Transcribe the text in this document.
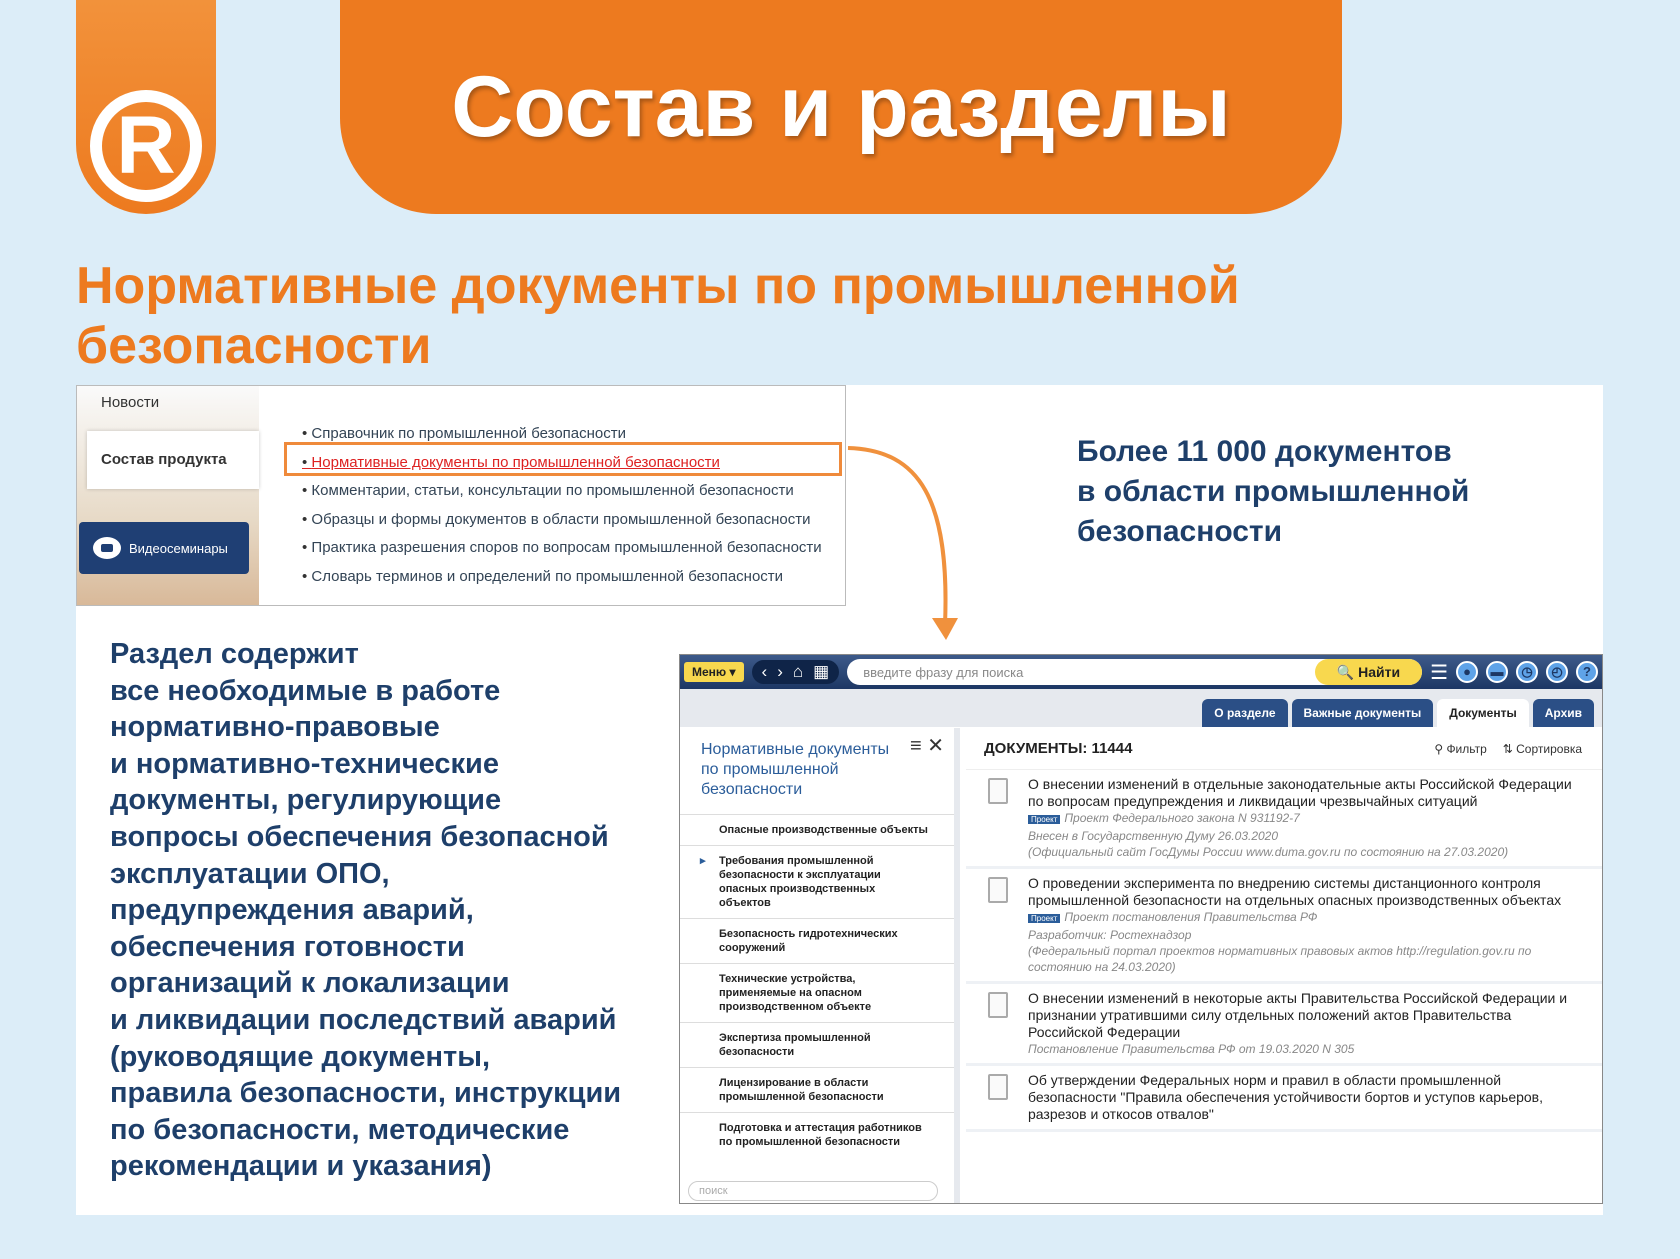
R	Состав и разделы
Нормативные документы по промышленной безопасности
Новости
Состав продукта
Видеосеминары
• Справочник по промышленной безопасности
• Нормативные документы по промышленной безопасности
• Комментарии, статьи, консультации по промышленной безопасности
• Образцы и формы документов в области промышленной безопасности
• Практика разрешения споров по вопросам промышленной безопасности
• Словарь терминов и определений по промышленной безопасности
Более 11 000 документов
в области промышленной
безопасности
Раздел содержит
все необходимые в работе
нормативно-правовые
и нормативно-технические
документы, регулирующие
вопросы обеспечения безопасной
эксплуатации ОПО,
предупреждения аварий,
обеспечения готовности
организаций к локализации
и ликвидации последствий аварий
(руководящие документы,
правила безопасности, инструкции
по безопасности, методические
рекомендации и указания)
Меню ▾	‹ › ⌂ ▦	введите фразу для поиска	🔍 Найти ☰	●	▬	◷	◴	?
О разделе	Важные документы	Документы	Архив
Нормативные документы по промышленной безопасности
≡ ✕
Опасные производственные объекты
▸ Требования промышленной безопасности к эксплуатации опасных производственных объектов
Безопасность гидротехнических сооружений
Технические устройства, применяемые на опасном производственном объекте
Экспертиза промышленной безопасности
Лицензирование в области промышленной безопасности
Подготовка и аттестация работников по промышленной безопасности
поиск
ДОКУМЕНТЫ: 11444	⚲ Фильтр ⇅ Сортировка
О внесении изменений в отдельные законодательные акты Российской Федерации по вопросам предупреждения и ликвидации чрезвычайных ситуаций
Проект Проект Федерального закона N 931192-7
Внесен в Государственную Думу 26.03.2020
(Официальный сайт ГосДумы России www.duma.gov.ru по состоянию на 27.03.2020)
О проведении эксперимента по внедрению системы дистанционного контроля промышленной безопасности на отдельных опасных производственных объектах
Проект Проект постановления Правительства РФ
Разработчик: Ростехнадзор
(Федеральный портал проектов нормативных правовых актов http://regulation.gov.ru по состоянию на 24.03.2020)
О внесении изменений в некоторые акты Правительства Российской Федерации и признании утратившими силу отдельных положений актов Правительства Российской Федерации
Постановление Правительства РФ от 19.03.2020 N 305
Об утверждении Федеральных норм и правил в области промышленной безопасности "Правила обеспечения устойчивости бортов и уступов карьеров, разрезов и откосов отвалов"
